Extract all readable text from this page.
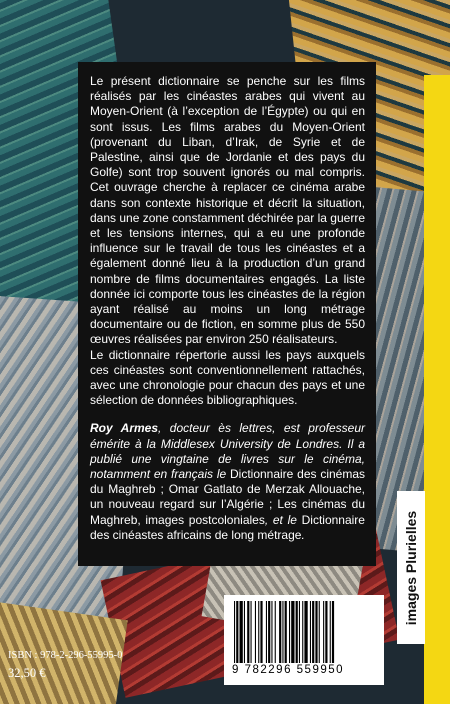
Le présent dictionnaire se penche sur les films réalisés par les cinéastes arabes qui vivent au Moyen-Orient (à l’exception de l’Égypte) ou qui en sont issus. Les films arabes du Moyen-Orient (provenant du Liban, d’Irak, de Syrie et de Palestine, ainsi que de Jordanie et des pays du Golfe) sont trop souvent ignorés ou mal compris. Cet ouvrage cherche à replacer ce cinéma arabe dans son contexte historique et décrit la situation, dans une zone constamment déchirée par la guerre et les tensions internes, qui a eu une profonde influence sur le travail de tous les cinéastes et a également donné lieu à la production d’un grand nombre de films documentaires engagés. La liste donnée ici comporte tous les cinéastes de la région ayant réalisé au moins un long métrage documentaire ou de fiction, en somme plus de 550 œuvres réalisées par environ 250 réalisateurs.

Le dictionnaire répertorie aussi les pays auxquels ces cinéastes sont conventionnellement rattachés, avec une chronologie pour chacun des pays et une sélection de données bibliographiques.

Roy Armes, docteur ès lettres, est professeur émérite à la Middlesex University de Londres. Il a publié une vingtaine de livres sur le cinéma, notamment en français le Dictionnaire des cinémas du Maghreb ; Omar Gatlato de Merzak Allouache, un nouveau regard sur l’Algérie ; Les cinémas du Maghreb, images postcoloniales, et le Dictionnaire des cinéastes africains de long métrage.	images Plurielles
9 782296 559950
ISBN : 978-2-296-55995-0
32,50 €
